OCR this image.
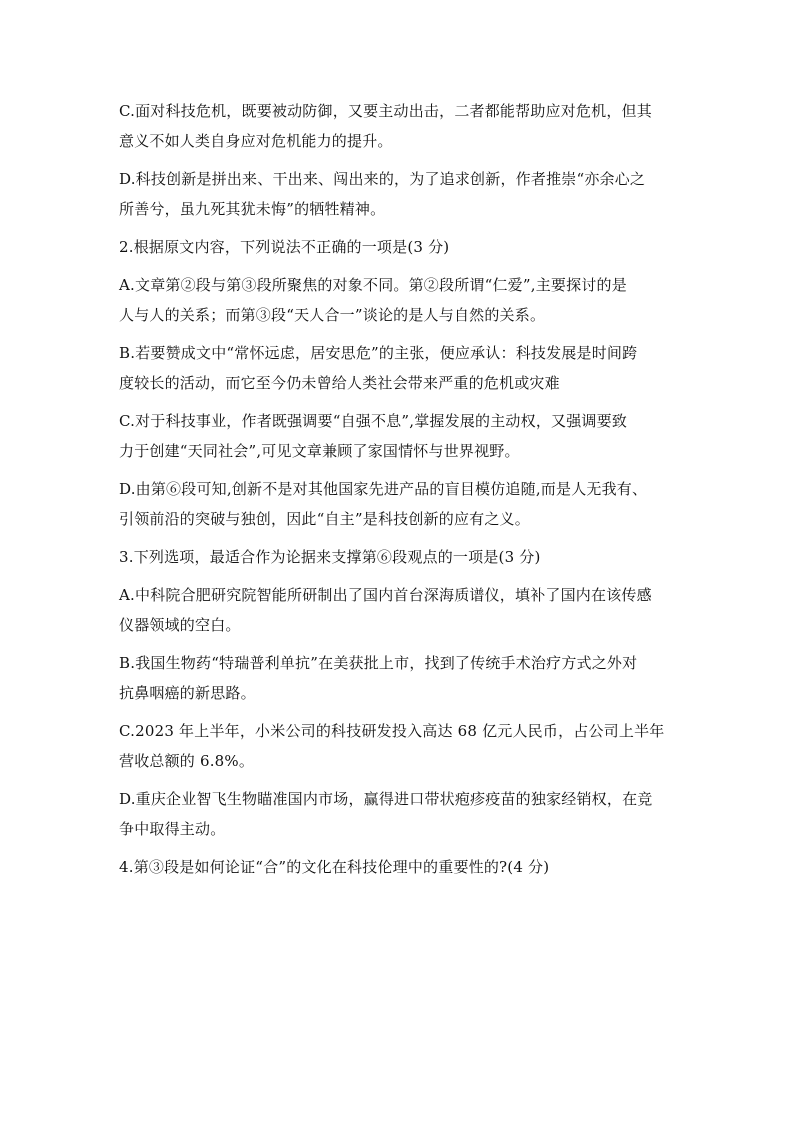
C.面对科技危机，既要被动防御，又要主动出击，二者都能帮助应对危机，但其
意义不如人类自身应对危机能力的提升。

D.科技创新是拼出来、干出来、闯出来的，为了追求创新，作者推崇“亦余心之
所善兮，虽九死其犹未悔”的牺牲精神。

2.根据原文内容，下列说法不正确的一项是(3 分)

A.文章第②段与第③段所聚焦的对象不同。第②段所谓“仁爱”,主要探讨的是
人与人的关系；而第③段“天人合一”谈论的是人与自然的关系。

B.若要赞成文中“常怀远虑，居安思危”的主张，便应承认：科技发展是时间跨
度较长的活动，而它至今仍未曾给人类社会带来严重的危机或灾难

C.对于科技事业，作者既强调要“自强不息”,掌握发展的主动权，又强调要致
力于创建“天同社会”,可见文章兼顾了家国情怀与世界视野。

D.由第⑥段可知,创新不是对其他国家先进产品的盲目模仿追随,而是人无我有、
引领前沿的突破与独创，因此“自主”是科技创新的应有之义。

3.下列选项，最适合作为论据来支撑第⑥段观点的一项是(3 分)

A.中科院合肥研究院智能所研制出了国内首台深海质谱仪，填补了国内在该传感
仪器领域的空白。

B.我国生物药“特瑞普利单抗”在美获批上市，找到了传统手术治疗方式之外对
抗鼻咽癌的新思路。

C.2023 年上半年，小米公司的科技研发投入高达 68 亿元人民币，占公司上半年
营收总额的 6.8%。

D.重庆企业智飞生物瞄准国内市场，赢得进口带状疱疹疫苗的独家经销权，在竞
争中取得主动。

4.第③段是如何论证“合”的文化在科技伦理中的重要性的?(4 分)
